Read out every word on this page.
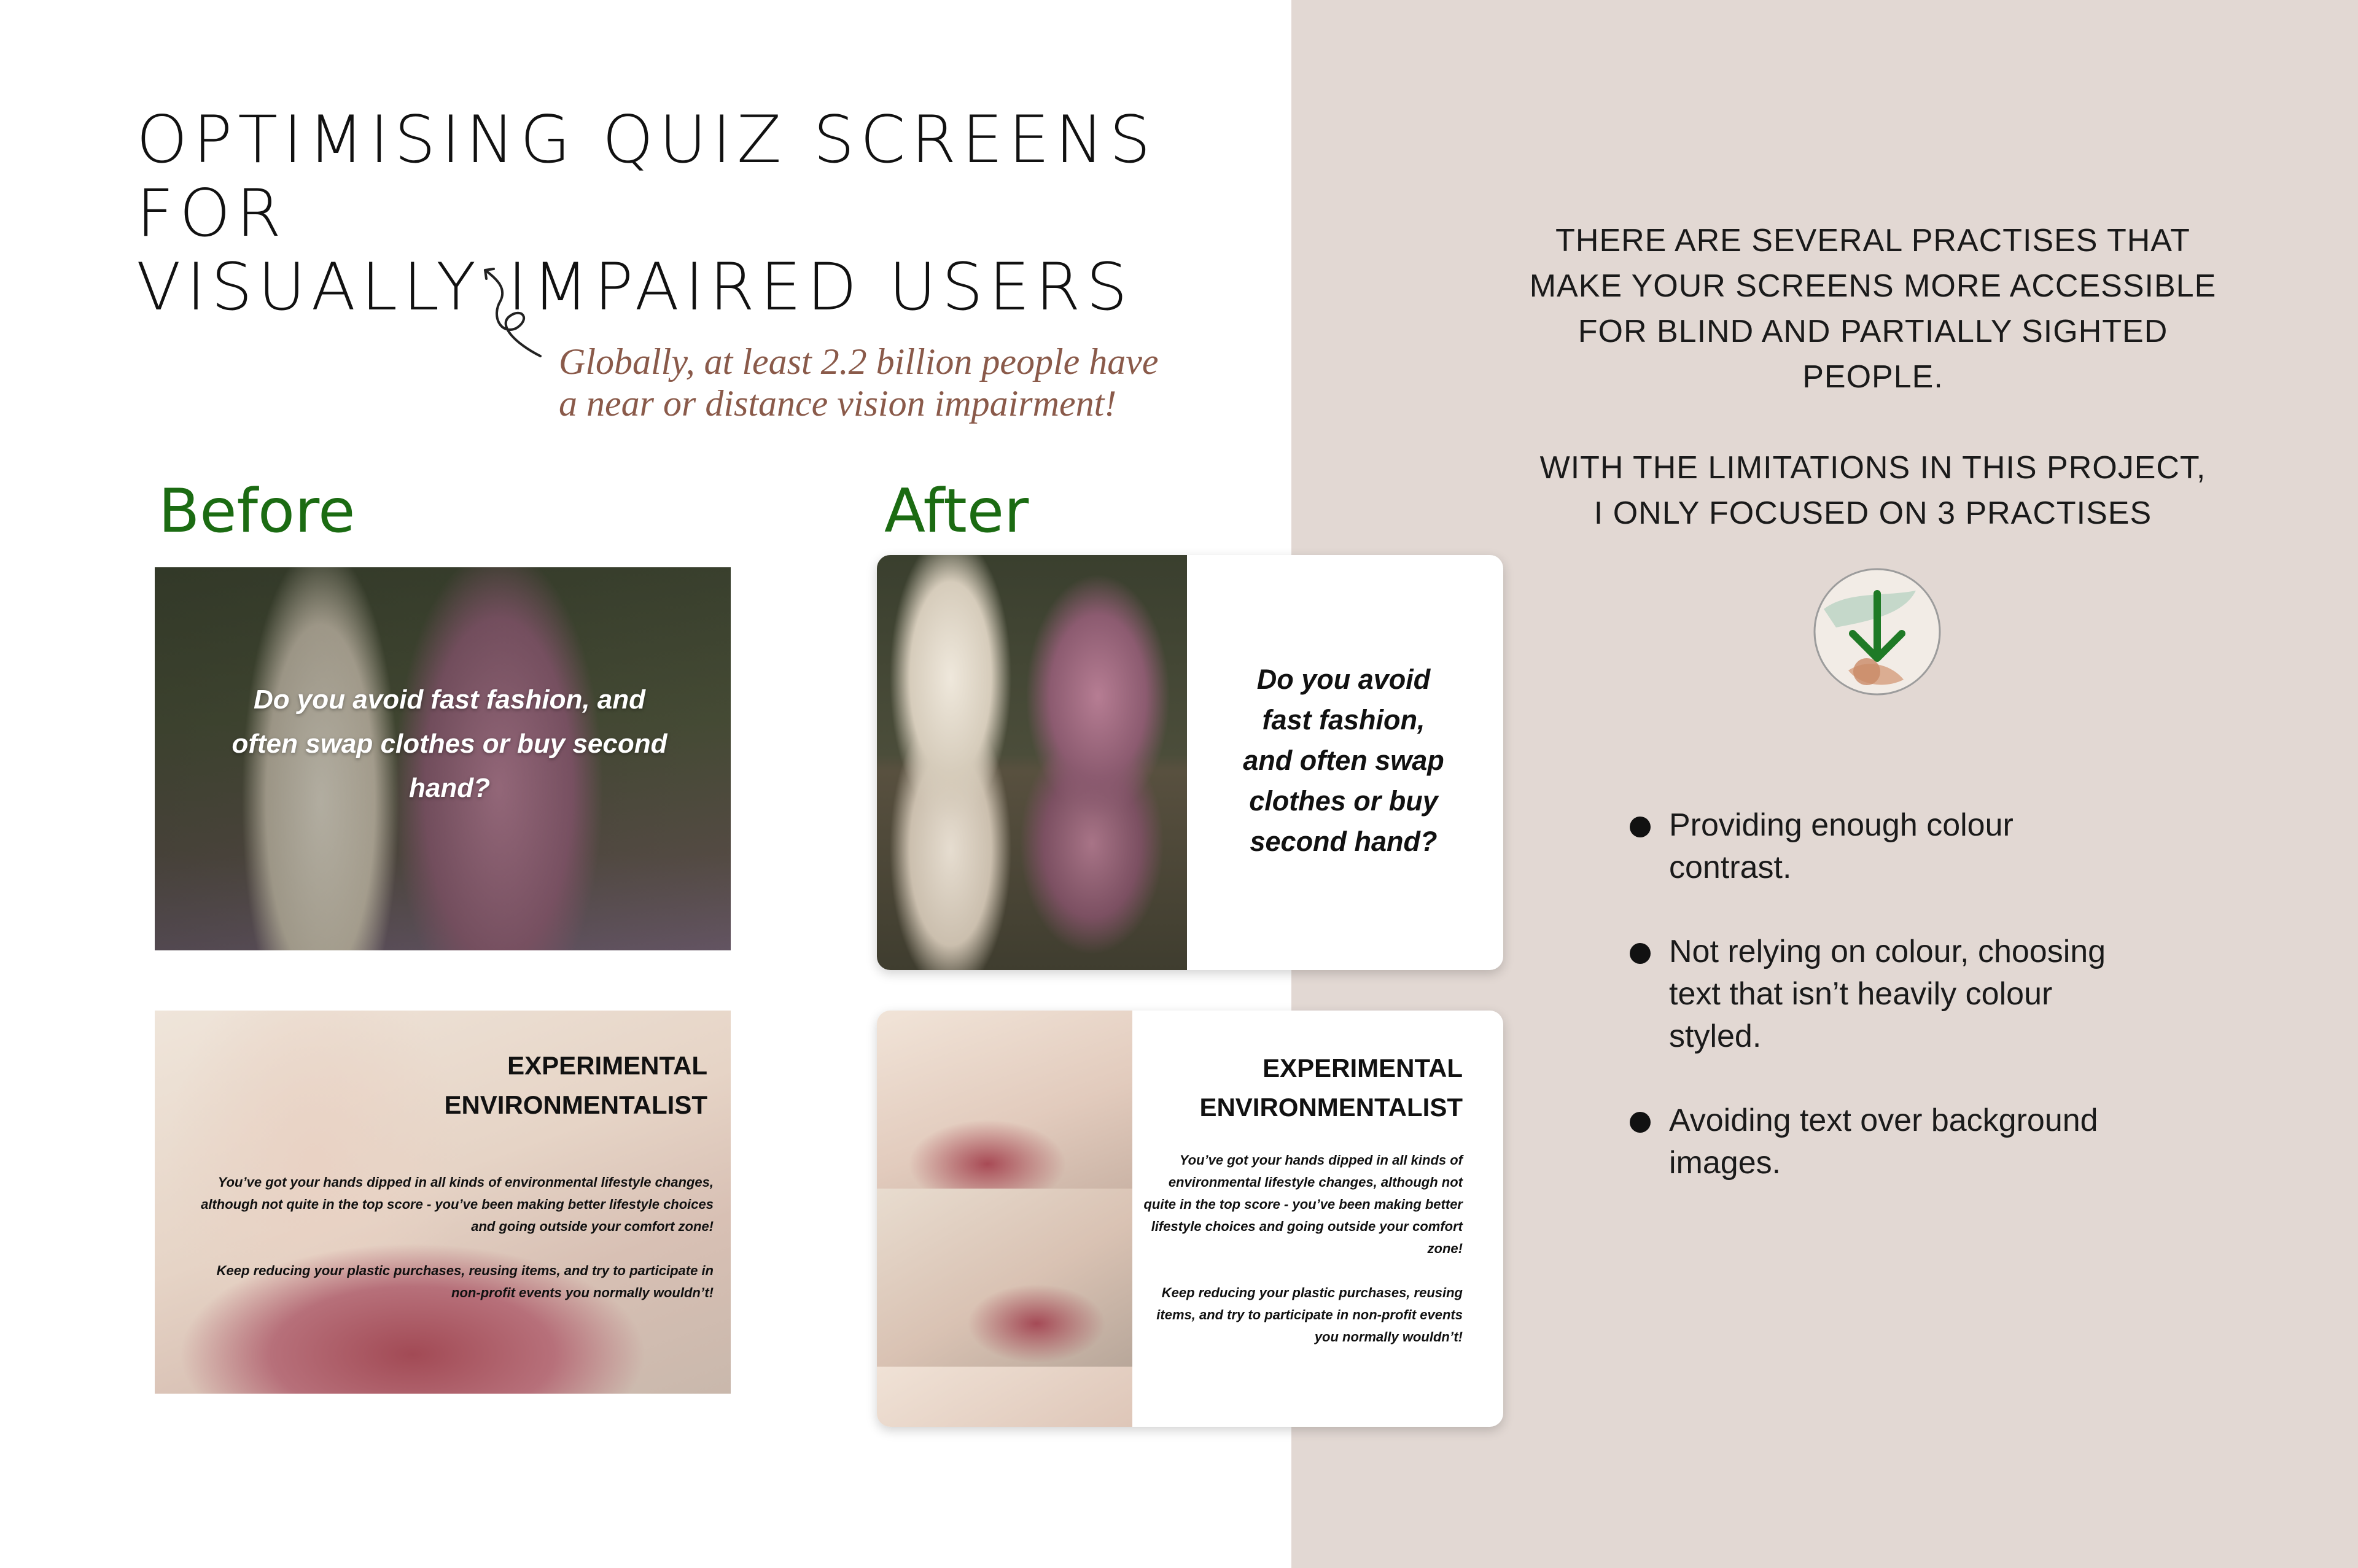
OPTIMISING QUIZ SCREENS FOR
VISUALLY IMPAIRED USERS
Globally, at least 2.2 billion people have
a near or distance vision impairment!
Before	After
Do you avoid fast fashion, and often swap clothes or buy second hand?
EXPERIMENTAL
ENVIRONMENTALIST

You’ve got your hands dipped in all kinds of environmental lifestyle changes, although not quite in the top score - you’ve been making better lifestyle choices and going outside your comfort zone!

Keep reducing your plastic purchases, reusing items, and try to participate in non-profit events you normally wouldn’t!

Do you avoid
fast fashion,
and often swap
clothes or buy
second hand?
EXPERIMENTAL
ENVIRONMENTALIST

You’ve got your hands dipped in all kinds of environmental lifestyle changes, although not quite in the top score - you’ve been making better lifestyle choices and going outside your comfort zone!

Keep reducing your plastic purchases, reusing items, and try to participate in non-profit events you normally wouldn’t!

THERE ARE SEVERAL PRACTISES THAT
MAKE YOUR SCREENS MORE ACCESSIBLE
FOR BLIND AND PARTIALLY SIGHTED
PEOPLE.
WITH THE LIMITATIONS IN THIS PROJECT,
I ONLY FOCUSED ON 3 PRACTISES
Providing enough colour
contrast.
Not relying on colour, choosing
text that isn’t heavily colour
styled.
Avoiding text over background
images.
